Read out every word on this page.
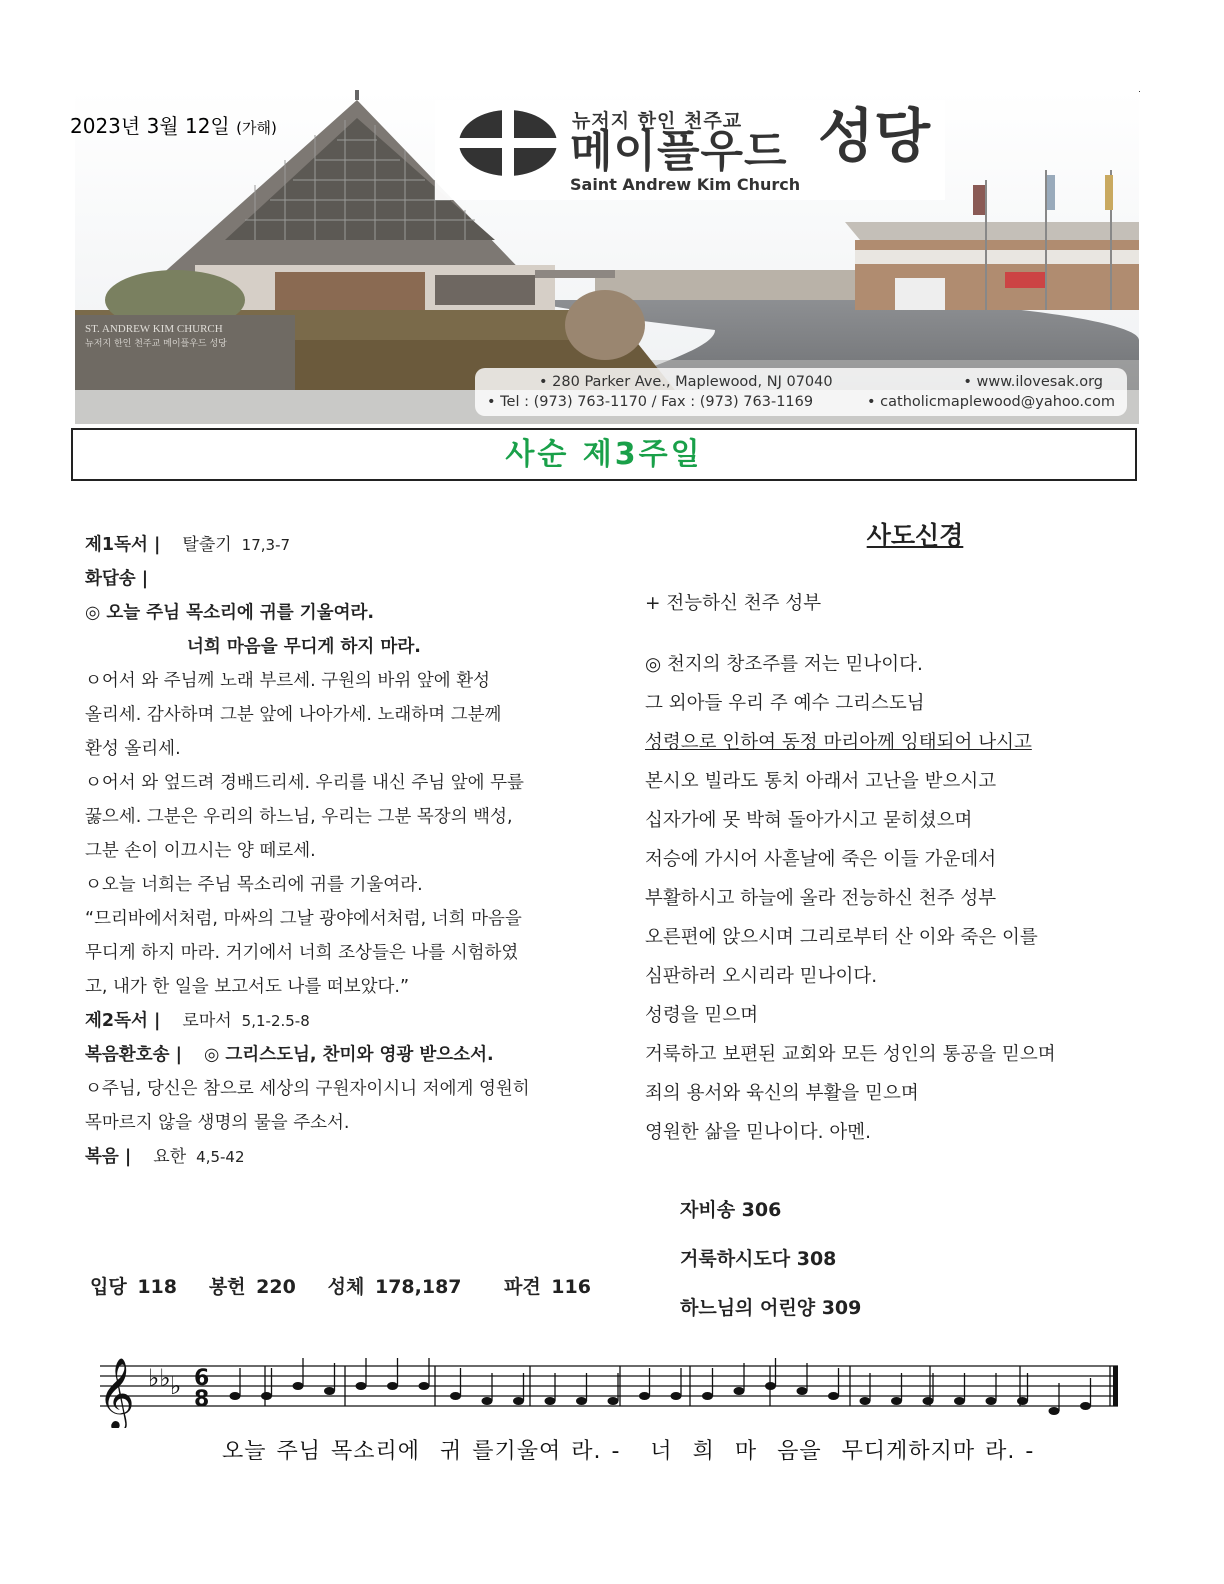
ST. ANDREW KIM CHURCH
뉴저지 한인 천주교 메이플우드 성당
• 280 Parker Ave., Maplewood, NJ 07040	• www.ilovesak.org
• Tel : (973) 763-1170 / Fax : (973) 763-1169	• catholicmaplewood@yahoo.com
뉴저지 한인 천주교
메이플우드 성당
Saint Andrew Kim Church
2023년 3월 12일 (가해)
사순 제3주일

제1독서 | 탈출기 17,3-7

화답송 |

◎ 오늘 주님 목소리에 귀를 기울여라.

너희 마음을 무디게 하지 마라.

ㅇ어서 와 주님께 노래 부르세. 구원의 바위 앞에 환성

올리세. 감사하며 그분 앞에 나아가세. 노래하며 그분께

환성 올리세.

ㅇ어서 와 엎드려 경배드리세. 우리를 내신 주님 앞에 무릎

꿇으세. 그분은 우리의 하느님, 우리는 그분 목장의 백성,

그분 손이 이끄시는 양 떼로세.

ㅇ오늘 너희는 주님 목소리에 귀를 기울여라.

“므리바에서처럼, 마싸의 그날 광야에서처럼, 너희 마음을

무디게 하지 마라. 거기에서 너희 조상들은 나를 시험하였

고, 내가 한 일을 보고서도 나를 떠보았다.”

제2독서 | 로마서 5,1-2.5-8

복음환호송 | ◎ 그리스도님, 찬미와 영광 받으소서.

ㅇ주님, 당신은 참으로 세상의 구원자이시니 저에게 영원히

목마르지 않을 생명의 물을 주소서.

복음 | 요한 4,5-42

사도신경

+ 전능하신 천주 성부

◎ 천지의 창조주를 저는 믿나이다.

그 외아들 우리 주 예수 그리스도님

성령으로 인하여 동정 마리아께 잉태되어 나시고

본시오 빌라도 통치 아래서 고난을 받으시고

십자가에 못 박혀 돌아가시고 묻히셨으며

저승에 가시어 사흗날에 죽은 이들 가운데서

부활하시고 하늘에 올라 전능하신 천주 성부

오른편에 앉으시며 그리로부터 산 이와 죽은 이를

심판하러 오시리라 믿나이다.

성령을 믿으며

거룩하고 보편된 교회와 모든 성인의 통공을 믿으며

죄의 용서와 육신의 부활을 믿으며

영원한 삶을 믿나이다. 아멘.

자비송 306
거룩하시도다 308
하느님의 어린양 309
입당 118   봉헌 220   성체 178,187    파견 116
𝄞 ♭♭ ♭ 6
8
오늘 주님 목소리에  귀 를기울여 라. -   너  희  마  음을  무디게하지마 라. -
